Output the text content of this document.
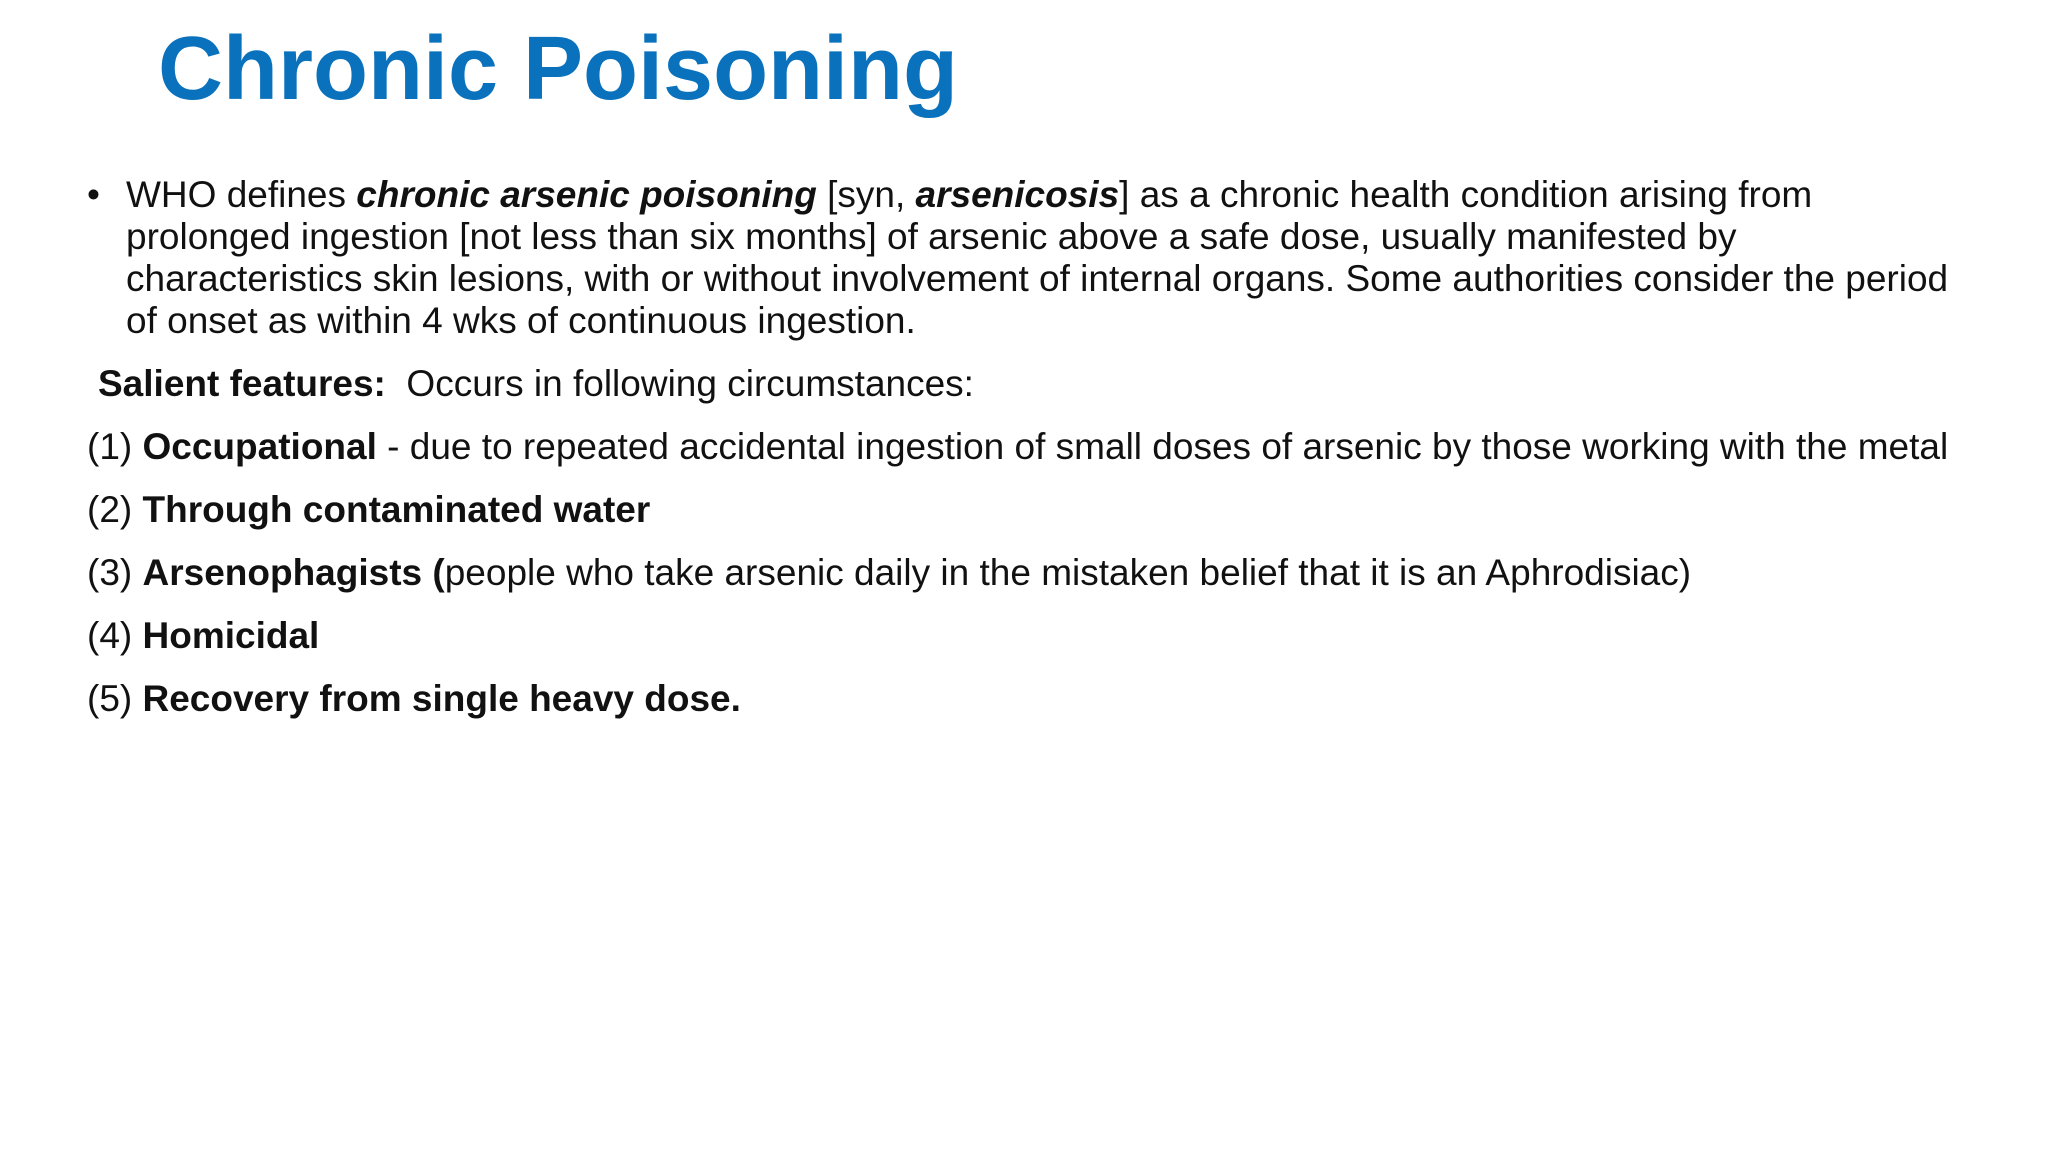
Chronic Poisoning

• WHO defines chronic arsenic poisoning [syn, arsenicosis] as a chronic health condition arising from prolonged ingestion [not less than six months] of arsenic above a safe dose, usually manifested by characteristics skin lesions, with or without involvement of internal organs. Some authorities consider the period of onset as within 4 wks of continuous ingestion.

Salient features:  Occurs in following circumstances:

(1) Occupational - due to repeated accidental ingestion of small doses of arsenic by those working with the metal

(2) Through contaminated water

(3) Arsenophagists (people who take arsenic daily in the mistaken belief that it is an Aphrodisiac)

(4) Homicidal

(5) Recovery from single heavy dose.
